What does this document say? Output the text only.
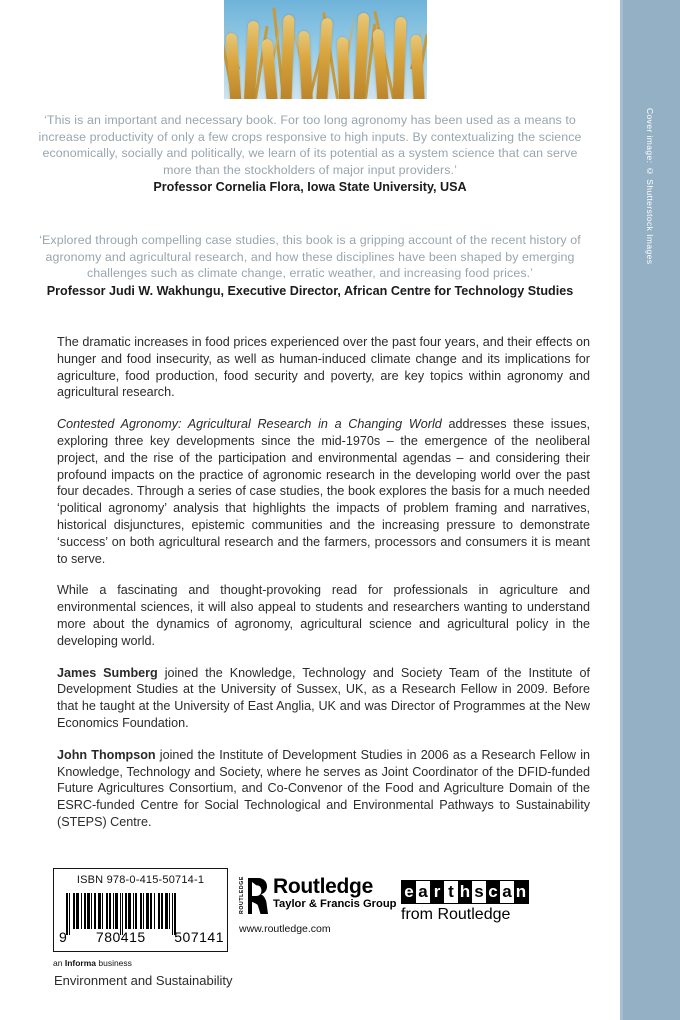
Cover image: © Shutterstock Images
‘This is an important and necessary book. For too long agronomy has been used as a means to increase productivity of only a few crops responsive to high inputs. By contextualizing the science economically, socially and politically, we learn of its potential as a system science that can serve more than the stockholders of major input providers.’
Professor Cornelia Flora, Iowa State University, USA
‘Explored through compelling case studies, this book is a gripping account of the recent history of agronomy and agricultural research, and how these disciplines have been shaped by emerging challenges such as climate change, erratic weather, and increasing food prices.’
Professor Judi W. Wakhungu, Executive Director, African Centre for Technology Studies

The dramatic increases in food prices experienced over the past four years, and their effects on hunger and food insecurity, as well as human-induced climate change and its implications for agriculture, food production, food security and poverty, are key topics within agronomy and agricultural research.

Contested Agronomy: Agricultural Research in a Changing World addresses these issues, exploring three key developments since the mid-1970s – the emergence of the neoliberal project, and the rise of the participation and environmental agendas – and considering their profound impacts on the practice of agronomic research in the developing world over the past four decades. Through a series of case studies, the book explores the basis for a much needed ‘political agronomy’ analysis that highlights the impacts of problem framing and narratives, historical disjunctures, epistemic communities and the increasing pressure to demonstrate ‘success’ on both agricultural research and the farmers, processors and consumers it is meant to serve.

While a fascinating and thought-provoking read for professionals in agriculture and environmental sciences, it will also appeal to students and researchers wanting to understand more about the dynamics of agronomy, agricultural science and agricultural policy in the developing world.

James Sumberg joined the Knowledge, Technology and Society Team of the Institute of Development Studies at the University of Sussex, UK, as a Research Fellow in 2009. Before that he taught at the University of East Anglia, UK and was Director of Programmes at the New Economics Foundation.

John Thompson joined the Institute of Development Studies in 2006 as a Research Fellow in Knowledge, Technology and Society, where he serves as Joint Coordinator of the DFID-funded Future Agricultures Consortium, and Co-Convenor of the Food and Agriculture Domain of the ESRC-funded Centre for Social Technological and Environmental Pathways to Sustainability (STEPS) Centre.

ISBN 978-0-415-50714-1
9 780415 507141
an Informa business
Environment and Sustainability
ROUTLEDGE Routledge
Taylor & Francis Group
www.routledge.com
e a r t h s c a n
from Routledge
